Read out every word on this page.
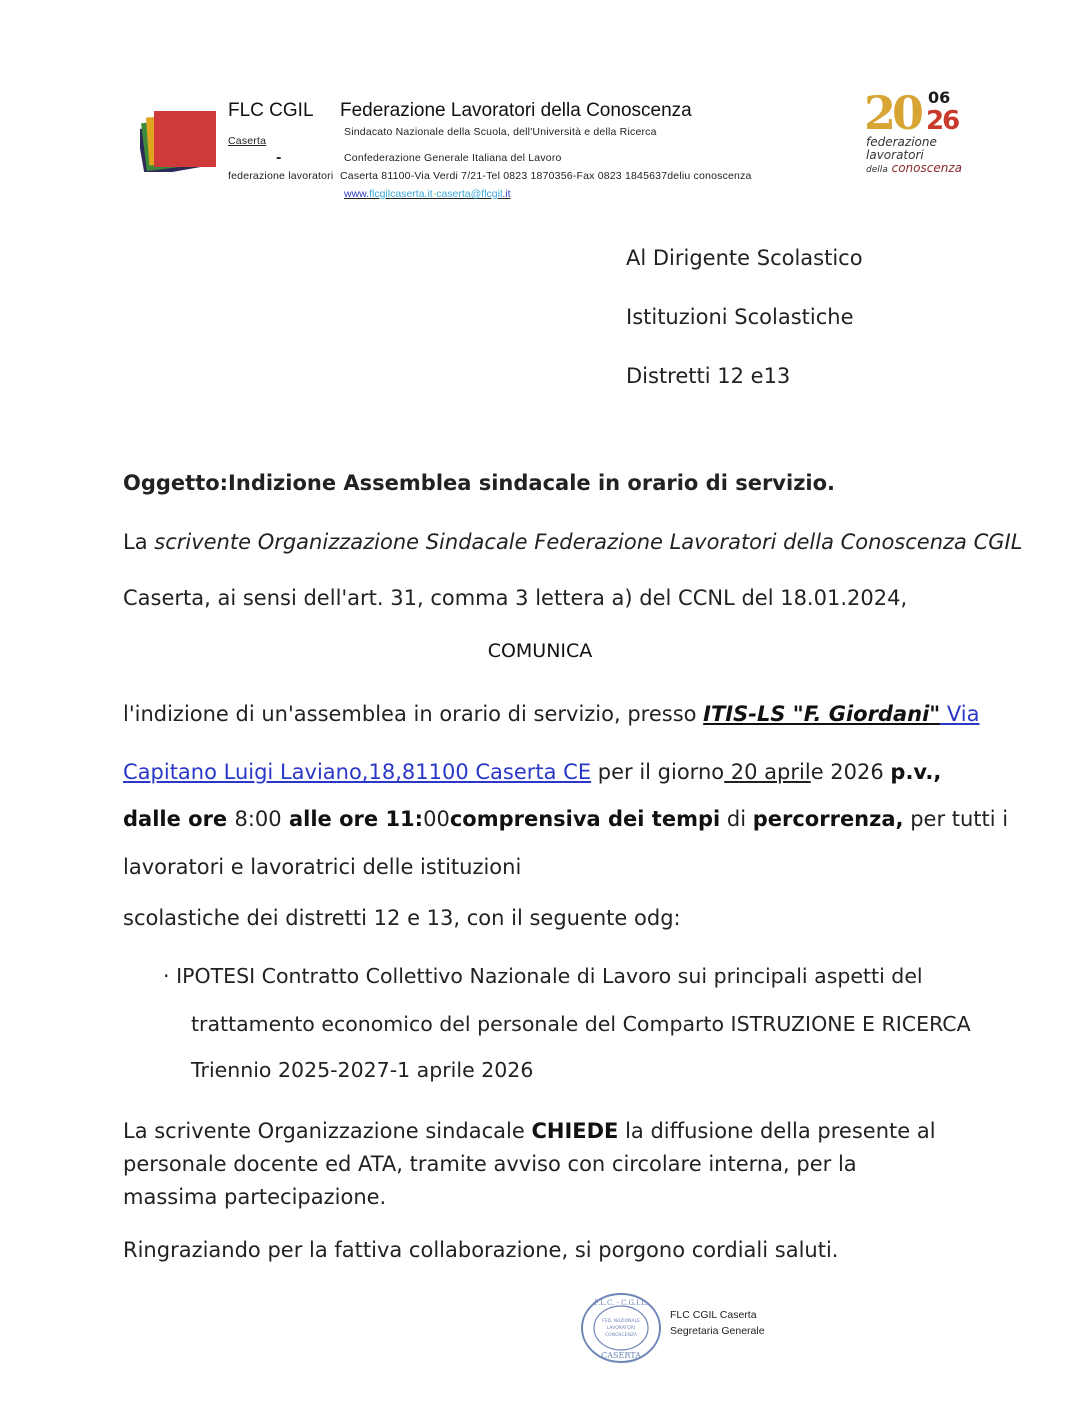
FLC CGIL Federazione Lavoratori della Conoscenza
Sindacato Nazionale della Scuola, dell'Università e della Ricerca
Caserta
-	Confederazione Generale Italiana del Lavoro
federazione lavoratori Caserta 81100-Via Verdi 7/21-Tel 0823 1870356-Fax 0823 1845637deliu conoscenza
www.flcgilcaserta.it-caserta@flcgil.it
20 06
26
federazione
lavoratori
della conoscenza
Al Dirigente Scolastico
Istituzioni Scolastiche
Distretti 12 e13
Oggetto:Indizione Assemblea sindacale in orario di servizio.
La scrivente Organizzazione Sindacale Federazione Lavoratori della Conoscenza CGIL
Caserta, ai sensi dell'art. 31, comma 3 lettera a) del CCNL del 18.01.2024,
COMUNICA
l'indizione di un'assemblea in orario di servizio, presso ITIS-LS "F. Giordani" Via
Capitano Luigi Laviano,18,81100 Caserta CE per il giorno 20 aprile 2026 p.v.,
dalle ore 8:00 alle ore 11:00comprensiva dei tempi di percorrenza, per tutti i
lavoratori e lavoratrici delle istituzioni
scolastiche dei distretti 12 e 13, con il seguente odg:
· IPOTESI Contratto Collettivo Nazionale di Lavoro sui principali aspetti del
trattamento economico del personale del Comparto ISTRUZIONE E RICERCA
Triennio 2025-2027-1 aprile 2026
La scrivente Organizzazione sindacale CHIEDE la diffusione della presente al personale docente ed ATA, tramite avviso con circolare interna, per la massima partecipazione.
Ringraziando per la fattiva collaborazione, si porgono cordiali saluti.
F.L.C. - C.G.I.L.
FED. NAZIONALE
LAVORATORI
CONOSCENZA
CASERTA
FLC CGIL Caserta
Segretaria Generale
